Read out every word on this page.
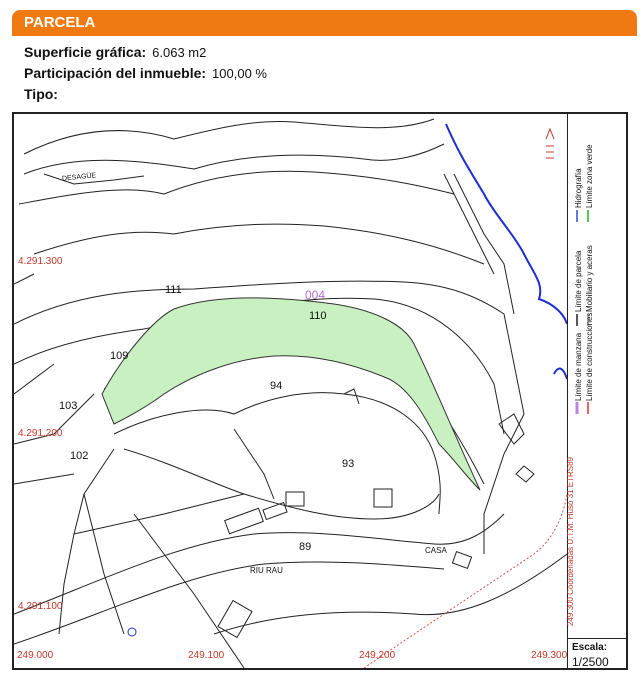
PARCELA
Superficie gráfica: 6.063 m2
Participación del inmueble: 100,00 %
Tipo:
004
111
110
109
103
94
102
93
89
RIU RAU
CASA
DESAGÜE
4.291.300
4.291.200
4.291.100
249.000	249.100	249.200	249.300
249.300 Coordenadas U.T.M. Huso 31 ETRS89
Límite de manzana Límite de construcciones
Límite de parcela Mobiliario y aceras
Hidrografía Límite zona verde
Escala:
1/2500
